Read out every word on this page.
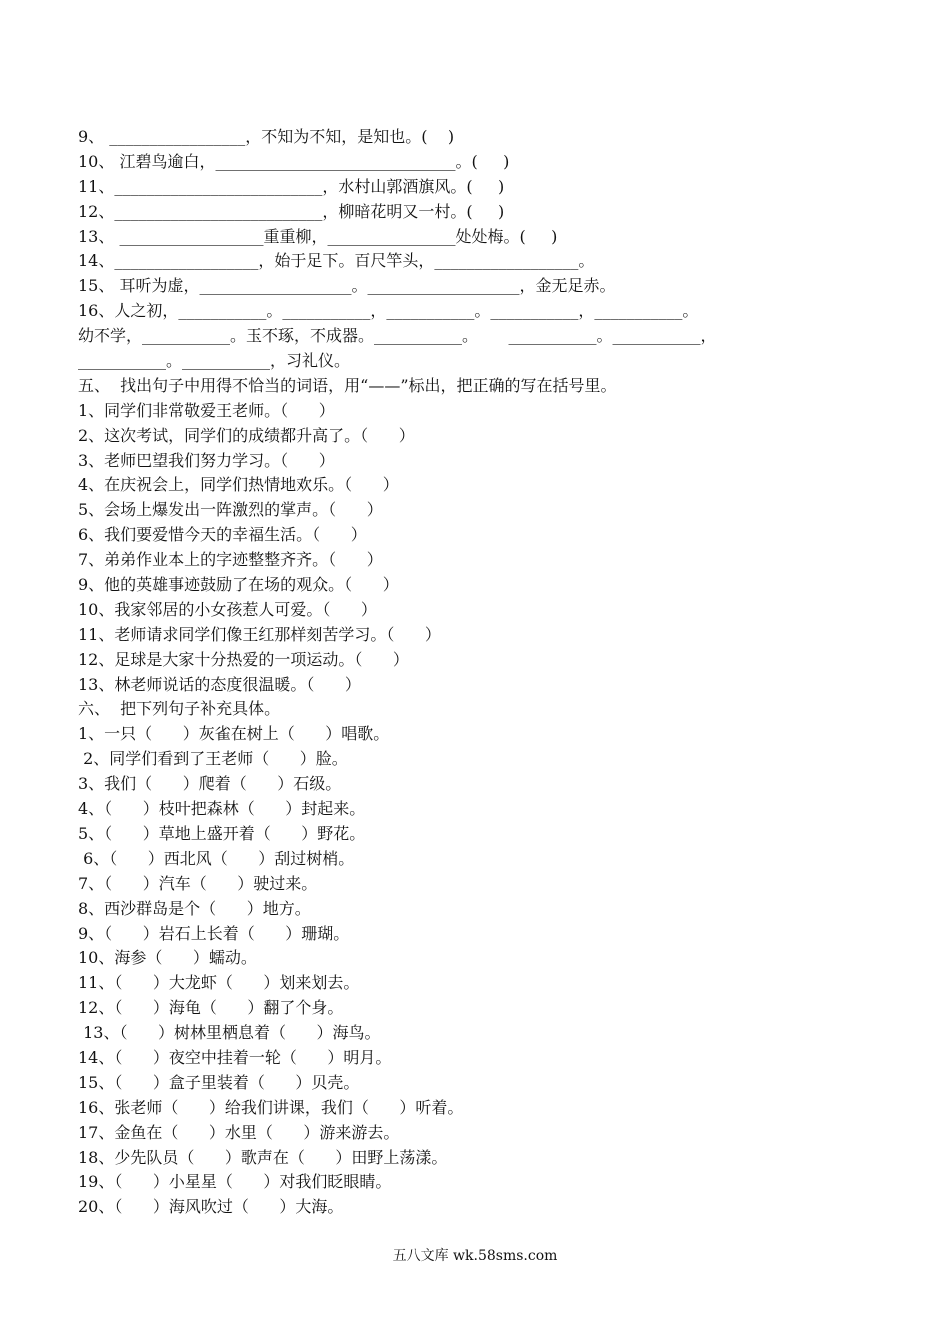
9、 _________________，不知为不知，是知也。(    )
10、 江碧鸟逾白，______________________________。(     )
11、__________________________，水村山郭酒旗风。(     )
12、__________________________，柳暗花明又一村。(     )
13、 __________________重重柳，________________处处梅。(     )
14、__________________，始于足下。百尺竿头，__________________。
15、 耳听为虚，___________________。___________________，金无足赤。
16、人之初，___________。___________，___________。___________，___________。
幼不学，___________。玉不琢，不成器。___________。      ___________。___________，
___________。___________，习礼仪。
五、  找出句子中用得不恰当的词语，用“——”标出，把正确的写在括号里。
1、同学们非常敬爱王老师。（      ）
2、这次考试，同学们的成绩都升高了。（      ）
3、老师巴望我们努力学习。（      ）
4、在庆祝会上，同学们热情地欢乐。（      ）
5、会场上爆发出一阵激烈的掌声。（      ）
6、我们要爱惜今天的幸福生活。（      ）
7、弟弟作业本上的字迹整整齐齐。（      ）
9、他的英雄事迹鼓励了在场的观众。（      ）
10、我家邻居的小女孩惹人可爱。（      ）
11、老师请求同学们像王红那样刻苦学习。（      ）
12、足球是大家十分热爱的一项运动。（      ）
13、林老师说话的态度很温暖。（      ）
六、  把下列句子补充具体。
1、一只（      ）灰雀在树上（      ）唱歌。
2、同学们看到了王老师（      ）脸。
3、我们（      ）爬着（      ）石级。
4、（      ）枝叶把森林（      ）封起来。
5、（      ）草地上盛开着（      ）野花。
6、（      ）西北风（      ）刮过树梢。
7、（      ）汽车（      ）驶过来。
8、西沙群岛是个（      ）地方。
9、（      ）岩石上长着（      ）珊瑚。
10、海参（      ）蠕动。
11、（      ）大龙虾（      ）划来划去。
12、（      ）海龟（      ）翻了个身。
13、（      ）树林里栖息着（      ）海鸟。
14、（      ）夜空中挂着一轮（      ）明月。
15、（      ）盒子里装着（      ）贝壳。
16、张老师（      ）给我们讲课，我们（      ）听着。
17、金鱼在（      ）水里（      ）游来游去。
18、少先队员（      ）歌声在（      ）田野上荡漾。
19、（      ）小星星（      ）对我们眨眼睛。
20、（      ）海风吹过（      ）大海。
五八文库 wk.58sms.com
